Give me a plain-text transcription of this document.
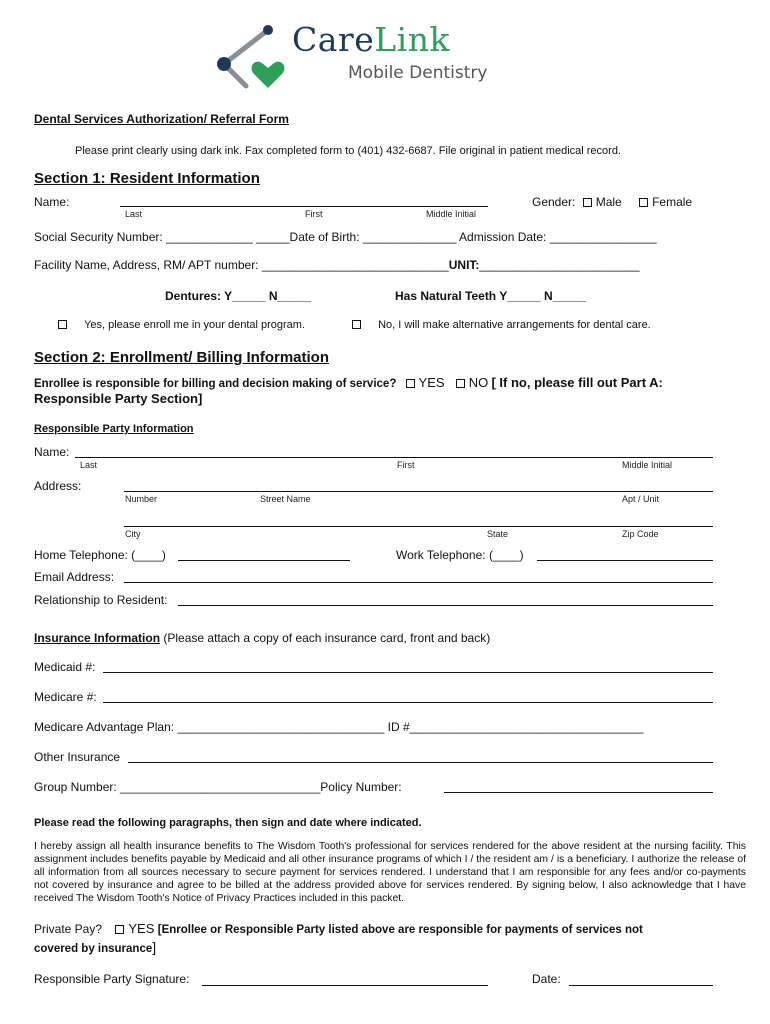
CareLink
Mobile Dentistry
Dental Services Authorization/ Referral Form
Please print clearly using dark ink. Fax completed form to (401) 432-6687. File original in patient medical record.
Section 1: Resident Information
Name:
Last	First	Middle Initial
Gender: Male	Female
Social Security Number: _____________ _____Date of Birth: ______________ Admission Date: ________________
Facility Name, Address, RM/ APT number: ____________________________UNIT:________________________
Dentures: Y_____ N_____	Has Natural Teeth Y_____ N_____
Yes, please enroll me in your dental program.	No, I will make alternative arrangements for dental care.
Section 2: Enrollment/ Billing Information
Enrollee is responsible for billing and decision making of service? YES NO [ If no, please fill out Part A:
Responsible Party Section]
Responsible Party Information
Name:
Last	First	Middle Initial
Address:
Number	Street Name	Apt / Unit
City	State	Zip Code
Home Telephone: (____)	Work Telephone: (____)
Email Address:
Relationship to Resident:
Insurance Information (Please attach a copy of each insurance card, front and back)
Medicaid #:
Medicare #:
Medicare Advantage Plan: _______________________________ ID #___________________________________
Other Insurance
Group Number: ______________________________Policy Number:
Please read the following paragraphs, then sign and date where indicated.
I hereby assign all health insurance benefits to The Wisdom Tooth's professional for services rendered for the above resident at the nursing facility. This assignment includes benefits payable by Medicaid and all other insurance programs of which I / the resident am / is a beneficiary. I authorize the release of all information from all sources necessary to secure payment for services rendered. I understand that I am responsible for any fees and/or co-payments not covered by insurance and agree to be billed at the address provided above for services rendered. By signing below, I also acknowledge that I have received The Wisdom Tooth's Notice of Privacy Practices included in this packet.
Private Pay? YES [Enrollee or Responsible Party listed above are responsible for payments of services not
covered by insurance]
Responsible Party Signature:	Date:
